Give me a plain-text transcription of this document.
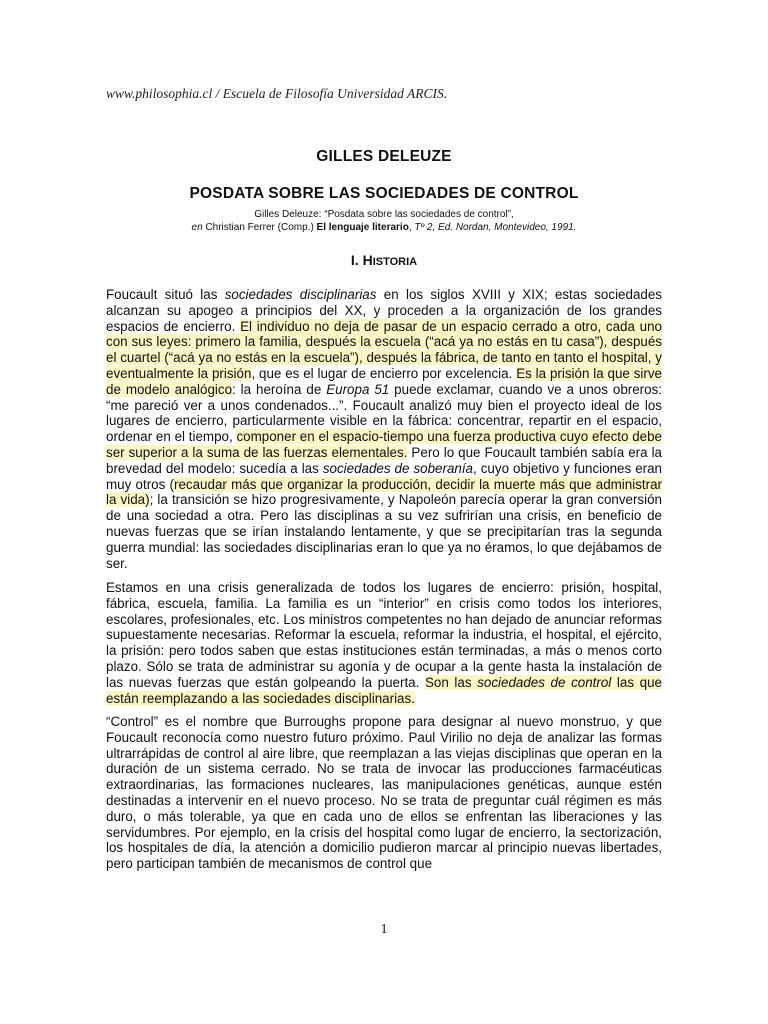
www.philosophia.cl / Escuela de Filosofía Universidad ARCIS.
GILLES DELEUZE
POSDATA SOBRE LAS SOCIEDADES DE CONTROL
Gilles Deleuze: “Posdata sobre las sociedades de control”,
en Christian Ferrer (Comp.) El lenguaje literario, Tº 2, Ed. Nordan, Montevideo, 1991.
I. HISTORIA
Foucault situó las sociedades disciplinarias en los siglos XVIII y XIX; estas sociedades alcanzan su apogeo a principios del XX, y proceden a la organización de los grandes espacios de encierro. El individuo no deja de pasar de un espacio cerrado a otro, cada uno con sus leyes: primero la familia, después la escuela (“acá ya no estás en tu casa”), después el cuartel (“acá ya no estás en la escuela”), después la fábrica, de tanto en tanto el hospital, y eventualmente la prisión, que es el lugar de encierro por excelencia. Es la prisión la que sirve de modelo analógico: la heroína de Europa 51 puede exclamar, cuando ve a unos obreros: “me pareció ver a unos condenados...”. Foucault analizó muy bien el proyecto ideal de los lugares de encierro, particularmente visible en la fábrica: concentrar, repartir en el espacio, ordenar en el tiempo, componer en el espacio-tiempo una fuerza productiva cuyo efecto debe ser superior a la suma de las fuerzas elementales. Pero lo que Foucault también sabía era la brevedad del modelo: sucedía a las sociedades de soberanía, cuyo objetivo y funciones eran muy otros (recaudar más que organizar la producción, decidir la muerte más que administrar la vida); la transición se hizo progresivamente, y Napoleón parecía operar la gran conversión de una sociedad a otra. Pero las disciplinas a su vez sufrirían una crisis, en beneficio de nuevas fuerzas que se irían instalando lentamente, y que se precipitarían tras la segunda guerra mundial: las sociedades disciplinarias eran lo que ya no éramos, lo que dejábamos de ser.
Estamos en una crisis generalizada de todos los lugares de encierro: prisión, hospital, fábrica, escuela, familia. La familia es un “interior” en crisis como todos los interiores, escolares, profesionales, etc. Los ministros competentes no han dejado de anunciar reformas supuestamente necesarias. Reformar la escuela, reformar la industria, el hospital, el ejército, la prisión: pero todos saben que estas instituciones están terminadas, a más o menos corto plazo. Sólo se trata de administrar su agonía y de ocupar a la gente hasta la instalación de las nuevas fuerzas que están golpeando la puerta. Son las sociedades de control las que están reemplazando a las sociedades disciplinarias.
“Control” es el nombre que Burroughs propone para designar al nuevo monstruo, y que Foucault reconocía como nuestro futuro próximo. Paul Virilio no deja de analizar las formas ultrarrápidas de control al aire libre, que reemplazan a las viejas disciplinas que operan en la duración de un sistema cerrado. No se trata de invocar las producciones farmacéuticas extraordinarias, las formaciones nucleares, las manipulaciones genéticas, aunque estén destinadas a intervenir en el nuevo proceso. No se trata de preguntar cuál régimen es más duro, o más tolerable, ya que en cada uno de ellos se enfrentan las liberaciones y las servidumbres. Por ejemplo, en la crisis del hospital como lugar de encierro, la sectorización, los hospitales de día, la atención a domicilio pudieron marcar al principio nuevas libertades, pero participan también de mecanismos de control que
1
